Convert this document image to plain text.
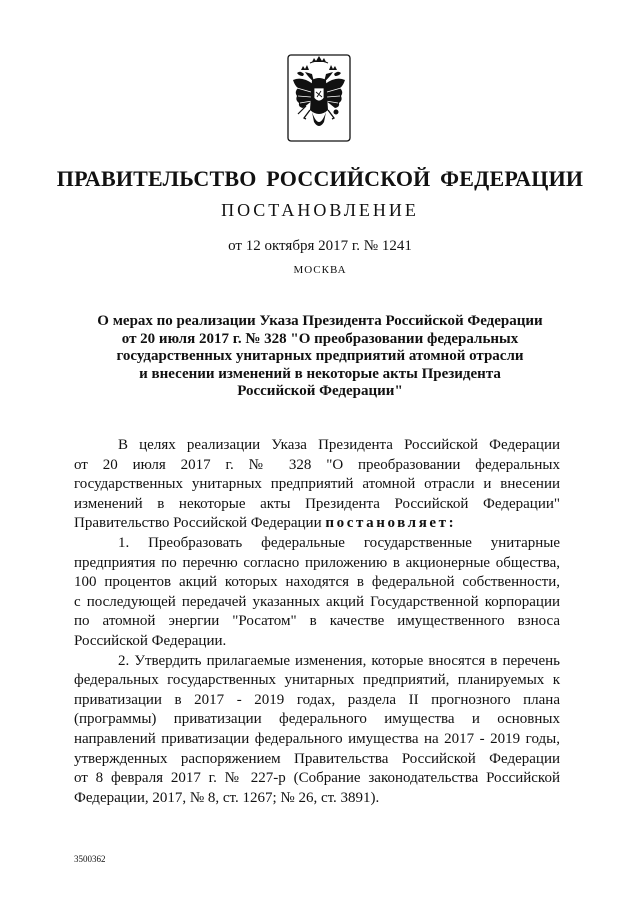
ПРАВИТЕЛЬСТВО РОССИЙСКОЙ ФЕДЕРАЦИИ
ПОСТАНОВЛЕНИЕ
от 12 октября 2017 г. № 1241
МОСКВА
О мерах по реализации Указа Президента Российской Федерации
от 20 июля 2017 г. № 328 "О преобразовании федеральных
государственных унитарных предприятий атомной отрасли
и внесении изменений в некоторые акты Президента
Российской Федерации"
В целях реализации Указа Президента Российской Федерации
от 20 июля 2017 г. № 328 "О преобразовании федеральных
государственных унитарных предприятий атомной отрасли и внесении
изменений в некоторые акты Президента Российской Федерации"
Правительство Российской Федерации постановляет:
1. Преобразовать федеральные государственные унитарные
предприятия по перечню согласно приложению в акционерные общества,
100 процентов акций которых находятся в федеральной собственности,
с последующей передачей указанных акций Государственной корпорации
по атомной энергии "Росатом" в качестве имущественного взноса
Российской Федерации.
2. Утвердить прилагаемые изменения, которые вносятся в перечень
федеральных государственных унитарных предприятий, планируемых к
приватизации в 2017 - 2019 годах, раздела II прогнозного плана
(программы) приватизации федерального имущества и основных
направлений приватизации федерального имущества на 2017 - 2019 годы,
утвержденных распоряжением Правительства Российской Федерации
от 8 февраля 2017 г. № 227-р (Собрание законодательства Российской
Федерации, 2017, № 8, ст. 1267; № 26, ст. 3891).
3500362
